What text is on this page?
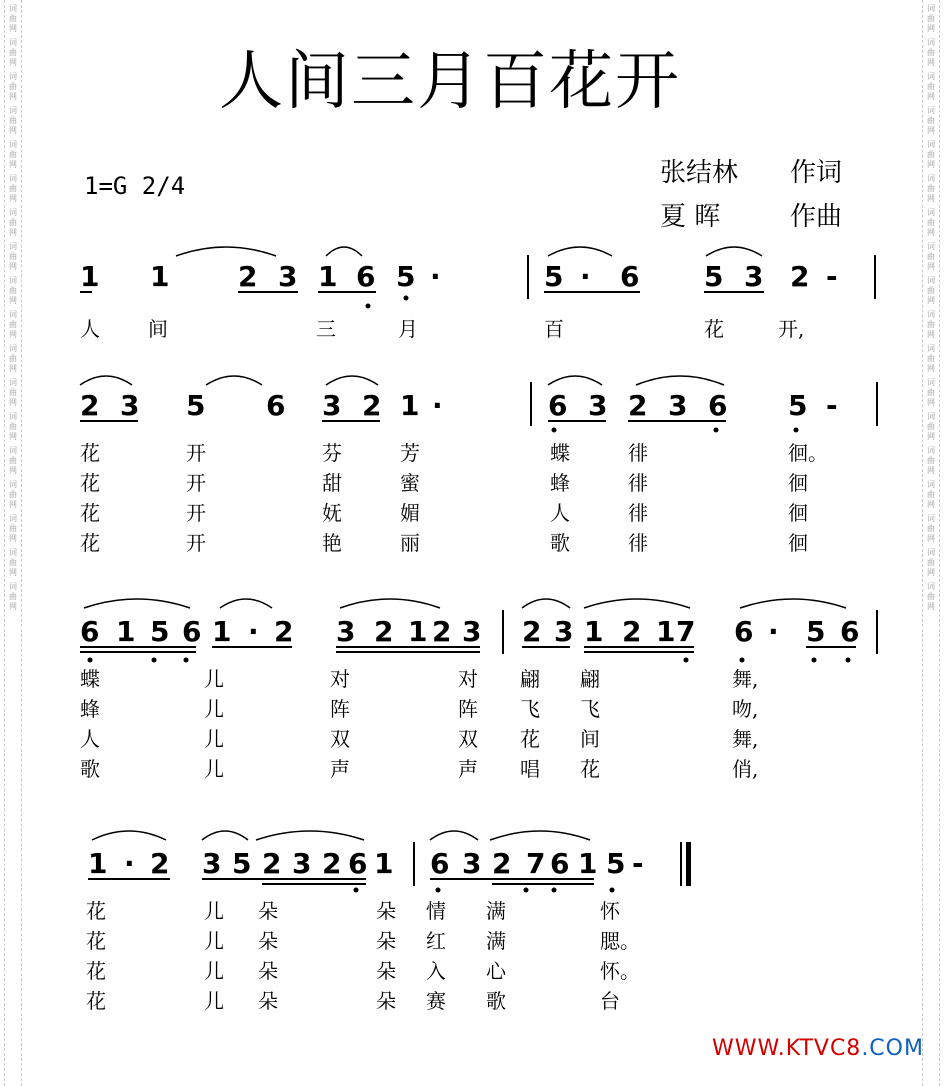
词
曲
网
词
曲
网
词
曲
网
词
曲
网
词
曲
网
词
曲
网
词
曲
网
词
曲
网
词
曲
网
词
曲
网
词
曲
网
词
曲
网
词
曲
网
词
曲
网
词
曲
网
词
曲
网
词
曲
网
词
曲
网
词
曲
网
词
曲
网
词
曲
网
词
曲
网
词
曲
网
词
曲
网
词
曲
网
词
曲
网
词
曲
网
词
曲
网
词
曲
网
词
曲
网
词
曲
网
词
曲
网
词
曲
网
词
曲
网
词
曲
网
词
曲
网
人间三月百花开
1=G 2/4	张结林 作词
夏 晖	作曲
1 1 2 3 1 6 5 ·	5 · 6 5 3 2 -
人 间	三	月	百	花	开,
2 3 5 6 3 2 1 ·	6 3 2 3 6 5 -
花	开	芬	芳	蝶	徘	徊。
花	开	甜	蜜	蜂	徘	徊
花	开	妩	媚	人	徘	徊
花	开	艳	丽	歌	徘	徊
6 1 5 6 1 · 2 3 2 1 2 3 2 3 1 2 1 7 6 · 5 6
蝶	儿	对	对 翩 翩	舞,
蜂	儿	阵	阵 飞 飞	吻,
人	儿	双	双 花 间	舞,
歌	儿	声	声 唱 花	俏,
1 · 2 3 5 2 3 2 6 1 6 3 2 7 6 1 5 -
花	儿 朵	朵 情 满	怀
花	儿 朵	朵 红 满	腮。
花	儿 朵	朵 入 心	怀。
花	儿 朵	朵 赛 歌	台
WWW.KTVC8.COM
